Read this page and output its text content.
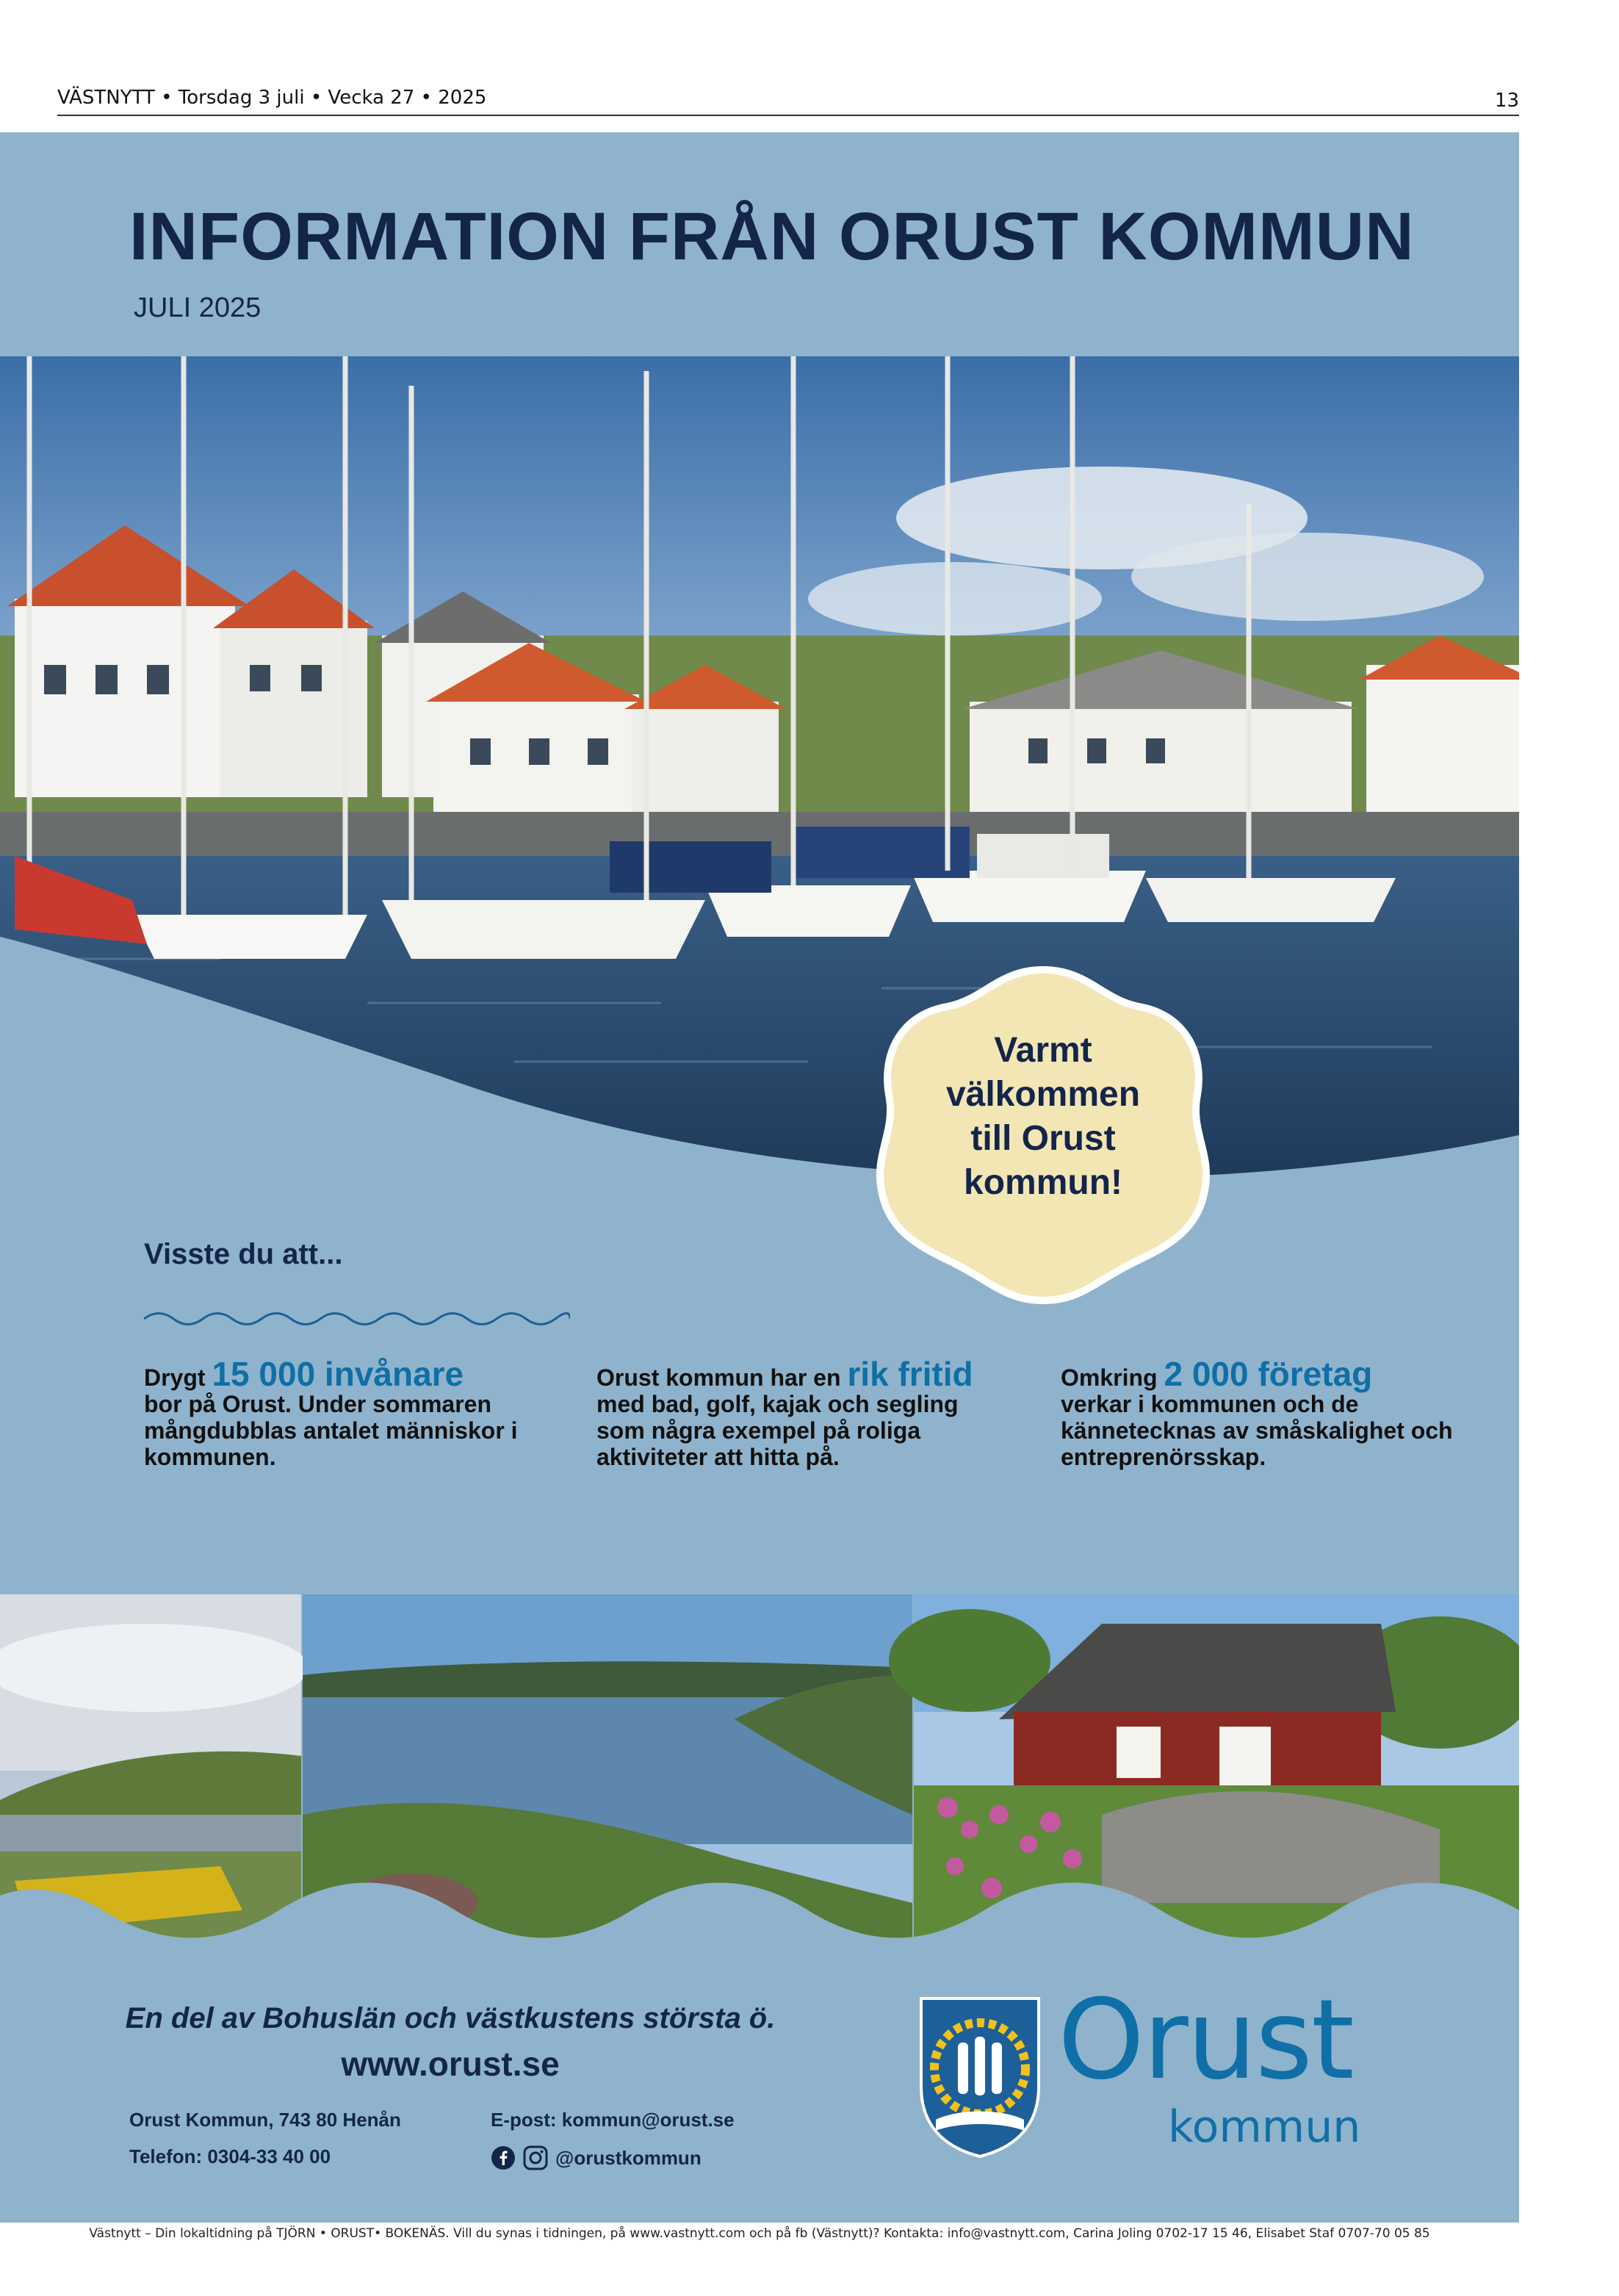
VÄSTNYTT • Torsdag 3 juli • Vecka 27 • 2025	13
INFORMATION FRÅN ORUST KOMMUN
JULI 2025
Varmt
välkommen
till Orust
kommun!
Visste du att...
Drygt 15 000 invånare
bor på Orust. Under sommaren mångdubblas antalet människor i kommunen.
Orust kommun har en rik fritid
med bad, golf, kajak och segling som några exempel på roliga aktiviteter att hitta på.
Omkring 2 000 företag
verkar i kommunen och de kännetecknas av småskalighet och entreprenörsskap.
En del av Bohuslän och västkustens största ö.
www.orust.se
Orust Kommun, 743 80 Henån
Telefon: 0304-33 40 00
E-post: kommun@orust.se
@orustkommun
Orust
kommun
Västnytt – Din lokaltidning på TJÖRN • ORUST• BOKENÄS. Vill du synas i tidningen, på www.vastnytt.com och på fb (Västnytt)? Kontakta: info@vastnytt.com, Carina Joling 0702-17 15 46, Elisabet Staf 0707-70 05 85
